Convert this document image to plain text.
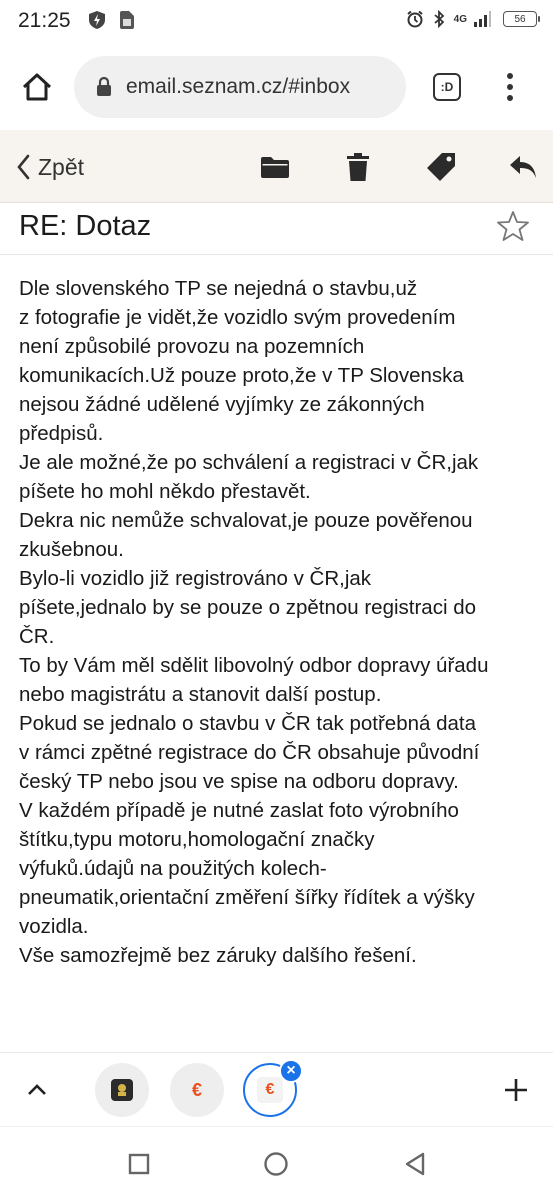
21:25	4G	56
email.seznam.cz/#inbox	:D
Zpět
RE: Dotaz

Dle slovenského TP se nejedná o stavbu,už

z fotografie je vidět,že vozidlo svým provedením

není způsobilé provozu na pozemních

komunikacích.Už pouze proto,že v TP Slovenska

nejsou žádné udělené vyjímky ze zákonných

předpisů.

Je ale možné,že po schválení a registraci v ČR,jak

píšete ho mohl někdo přestavět.

Dekra nic nemůže schvalovat,je pouze pověřenou

zkušebnou.

Bylo-li vozidlo již registrováno v ČR,jak

píšete,jednalo by se pouze o zpětnou registraci do

ČR.

To by Vám měl sdělit libovolný odbor dopravy úřadu

nebo magistrátu a stanovit další postup.

Pokud se jednalo o stavbu v ČR tak potřebná data

v rámci zpětné registrace do ČR obsahuje původní

český TP nebo jsou ve spise na odboru dopravy.

V každém případě je nutné zaslat foto výrobního

štítku,typu motoru,homologační značky

výfuků.údajů na použitých kolech-

pneumatik,orientační změření šířky řídítek a výšky

vozidla.

Vše samozřejmě bez záruky dalšího řešení.

€	€
×
